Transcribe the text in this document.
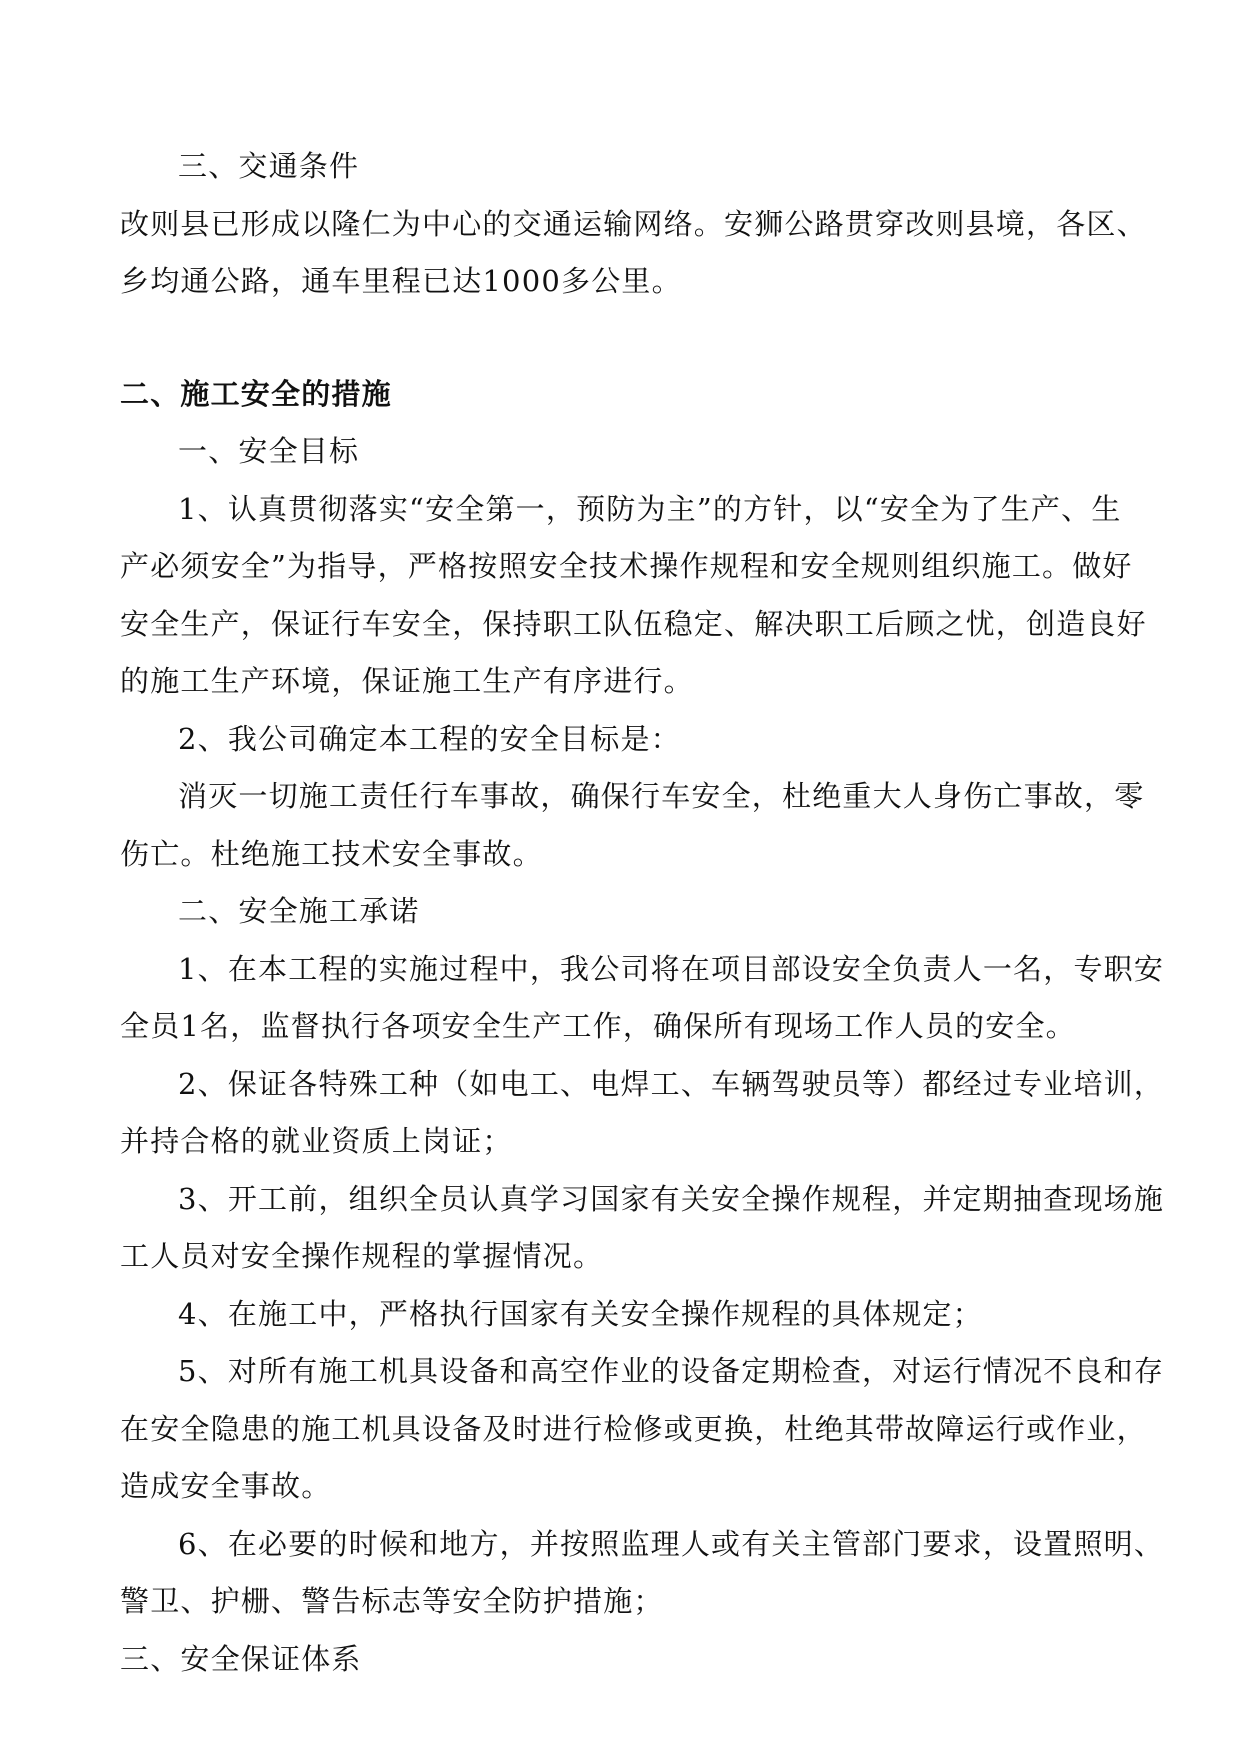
三、交通条件

改则县已形成以隆仁为中心的交通运输网络。安狮公路贯穿改则县境，各区、

乡均通公路，通车里程已达1000多公里。

二、施工安全的措施

一、安全目标

1、认真贯彻落实“安全第一，预防为主”的方针，以“安全为了生产、生

产必须安全”为指导，严格按照安全技术操作规程和安全规则组织施工。做好

安全生产，保证行车安全，保持职工队伍稳定、解决职工后顾之忧，创造良好

的施工生产环境，保证施工生产有序进行。

2、我公司确定本工程的安全目标是：

消灭一切施工责任行车事故，确保行车安全，杜绝重大人身伤亡事故，零

伤亡。杜绝施工技术安全事故。

二、安全施工承诺

1、在本工程的实施过程中，我公司将在项目部设安全负责人一名，专职安

全员1名，监督执行各项安全生产工作，确保所有现场工作人员的安全。

2、保证各特殊工种（如电工、电焊工、车辆驾驶员等）都经过专业培训，

并持合格的就业资质上岗证；

3、开工前，组织全员认真学习国家有关安全操作规程，并定期抽查现场施

工人员对安全操作规程的掌握情况。

4、在施工中，严格执行国家有关安全操作规程的具体规定；

5、对所有施工机具设备和高空作业的设备定期检查，对运行情况不良和存

在安全隐患的施工机具设备及时进行检修或更换，杜绝其带故障运行或作业，

造成安全事故。

6、在必要的时候和地方，并按照监理人或有关主管部门要求，设置照明、

警卫、护栅、警告标志等安全防护措施；

三、安全保证体系
